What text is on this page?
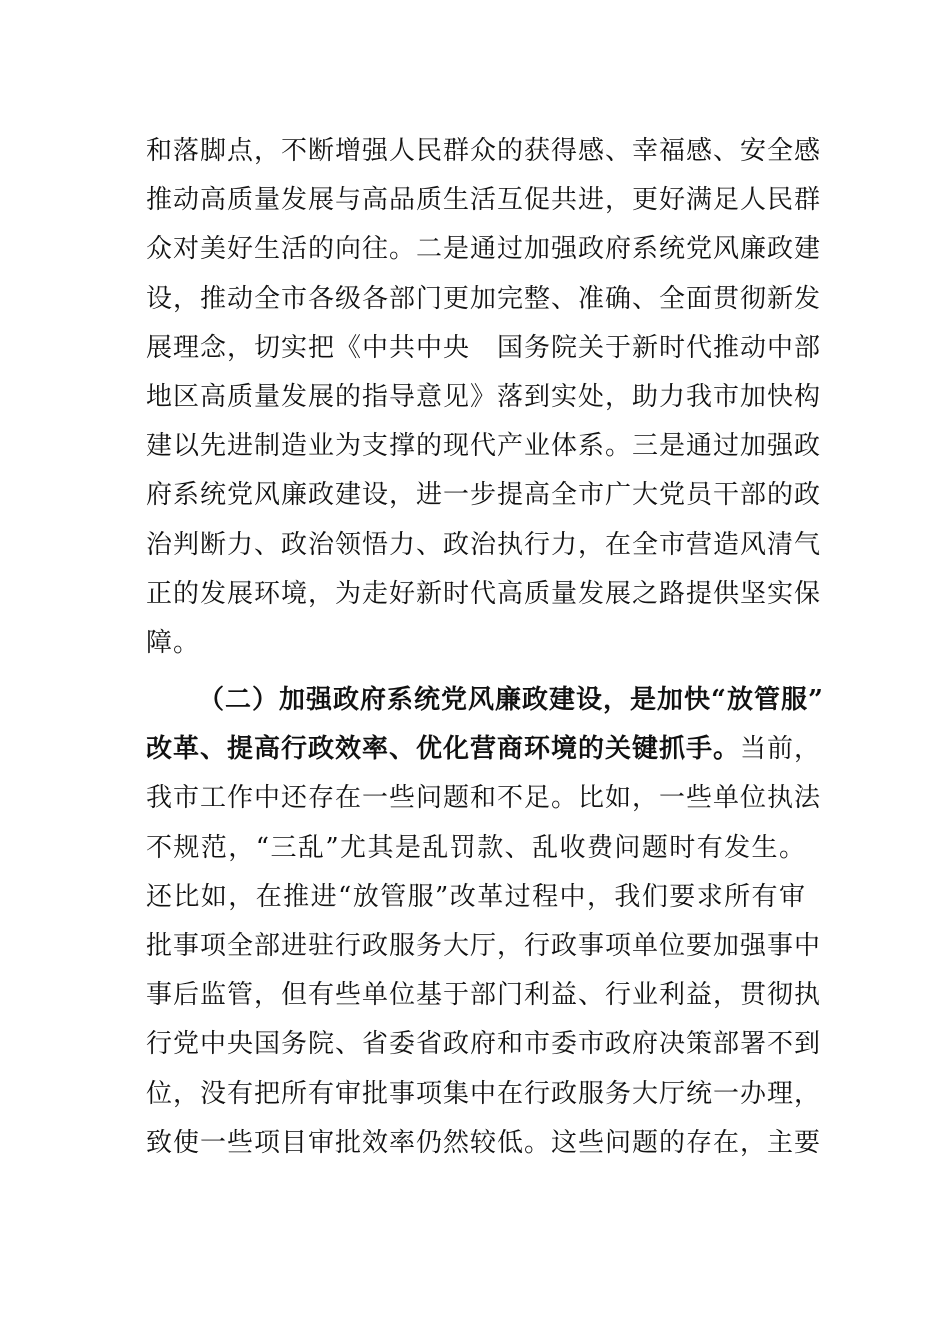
和落脚点，不断增强人民群众的获得感、幸福感、安全感
推动高质量发展与高品质生活互促共进，更好满足人民群
众对美好生活的向往。二是通过加强政府系统党风廉政建
设，推动全市各级各部门更加完整、准确、全面贯彻新发
展理念，切实把《中共中央　国务院关于新时代推动中部
地区高质量发展的指导意见》落到实处，助力我市加快构
建以先进制造业为支撑的现代产业体系。三是通过加强政
府系统党风廉政建设，进一步提高全市广大党员干部的政
治判断力、政治领悟力、政治执行力，在全市营造风清气
正的发展环境，为走好新时代高质量发展之路提供坚实保
障。
（二）加强政府系统党风廉政建设，是加快“放管服”
改革、提高行政效率、优化营商环境的关键抓手。当前，
我市工作中还存在一些问题和不足。比如，一些单位执法
不规范，“三乱”尤其是乱罚款、乱收费问题时有发生。
还比如，在推进“放管服”改革过程中，我们要求所有审
批事项全部进驻行政服务大厅，行政事项单位要加强事中
事后监管，但有些单位基于部门利益、行业利益，贯彻执
行党中央国务院、省委省政府和市委市政府决策部署不到
位，没有把所有审批事项集中在行政服务大厅统一办理，
致使一些项目审批效率仍然较低。这些问题的存在，主要
